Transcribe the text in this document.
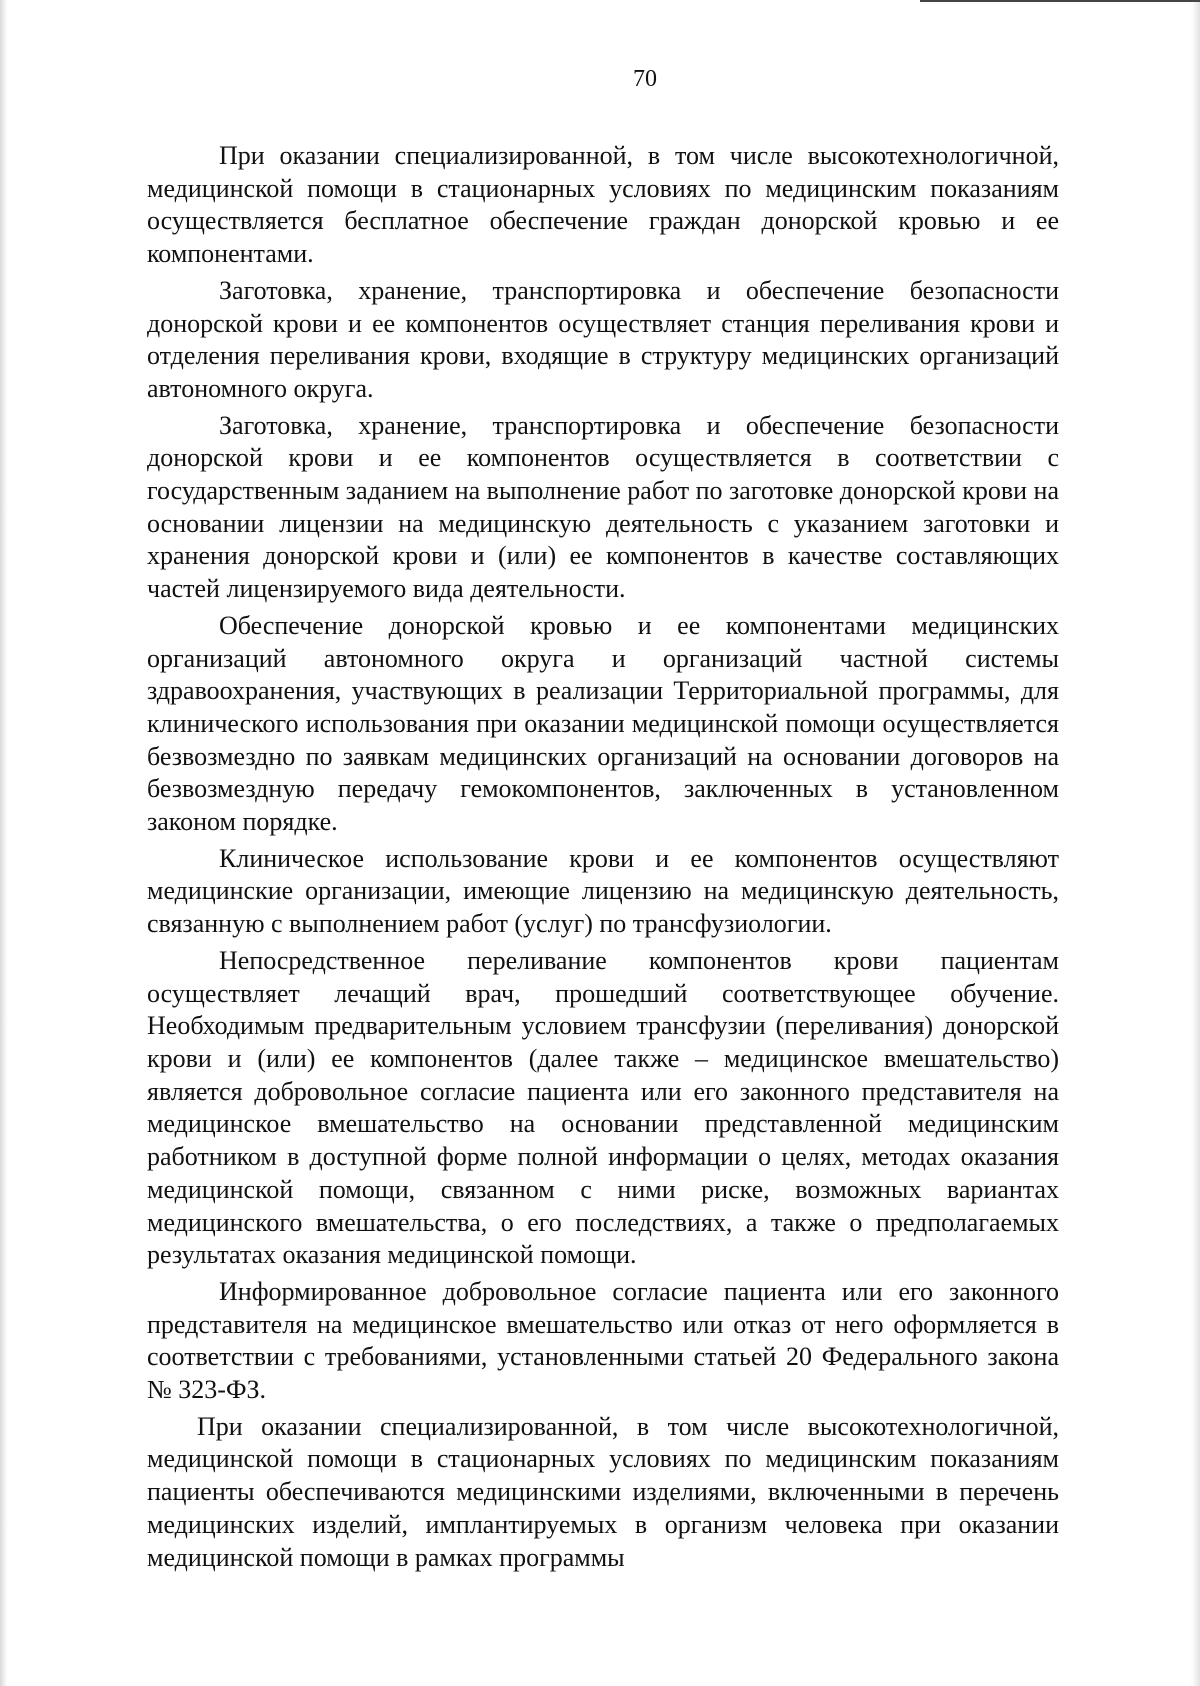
70

При оказании специализированной, в том числе высокотехнологичной, медицинской помощи в стационарных условиях по медицинским показаниям осуществляется бесплатное обеспечение граждан донорской кровью и ее компонентами.

Заготовка, хранение, транспортировка и обеспечение безопасности донорской крови и ее компонентов осуществляет станция переливания крови и отделения переливания крови, входящие в структуру медицинских организаций автономного округа.

Заготовка, хранение, транспортировка и обеспечение безопасности донорской крови и ее компонентов осуществляется в соответствии с государственным заданием на выполнение работ по заготовке донорской крови на основании лицензии на медицинскую деятельность с указанием заготовки и хранения донорской крови и (или) ее компонентов в качестве составляющих частей лицензируемого вида деятельности.

Обеспечение донорской кровью и ее компонентами медицинских организаций автономного округа и организаций частной системы здравоохранения, участвующих в реализации Территориальной программы, для клинического использования при оказании медицинской помощи осуществляется безвозмездно по заявкам медицинских организаций на основании договоров на безвозмездную передачу гемокомпонентов, заключенных в установленном законом порядке.

Клиническое использование крови и ее компонентов осуществляют медицинские организации, имеющие лицензию на медицинскую деятельность, связанную с выполнением работ (услуг) по трансфузиологии.

Непосредственное переливание компонентов крови пациентам осуществляет лечащий врач, прошедший соответствующее обучение. Необходимым предварительным условием трансфузии (переливания) донорской крови и (или) ее компонентов (далее также – медицинское вмешательство) является добровольное согласие пациента или его законного представителя на медицинское вмешательство на основании представленной медицинским работником в доступной форме полной информации о целях, методах оказания медицинской помощи, связанном с ними риске, возможных вариантах медицинского вмешательства, о его последствиях, а также о предполагаемых результатах оказания медицинской помощи.

Информированное добровольное согласие пациента или его законного представителя на медицинское вмешательство или отказ от него оформляется в соответствии с требованиями, установленными статьей 20 Федерального закона № 323-ФЗ.

При оказании специализированной, в том числе высокотехнологичной, медицинской помощи в стационарных условиях по медицинским показаниям пациенты обеспечиваются медицинскими изделиями, включенными в перечень медицинских изделий, имплантируемых в организм человека при оказании медицинской помощи в рамках программы
